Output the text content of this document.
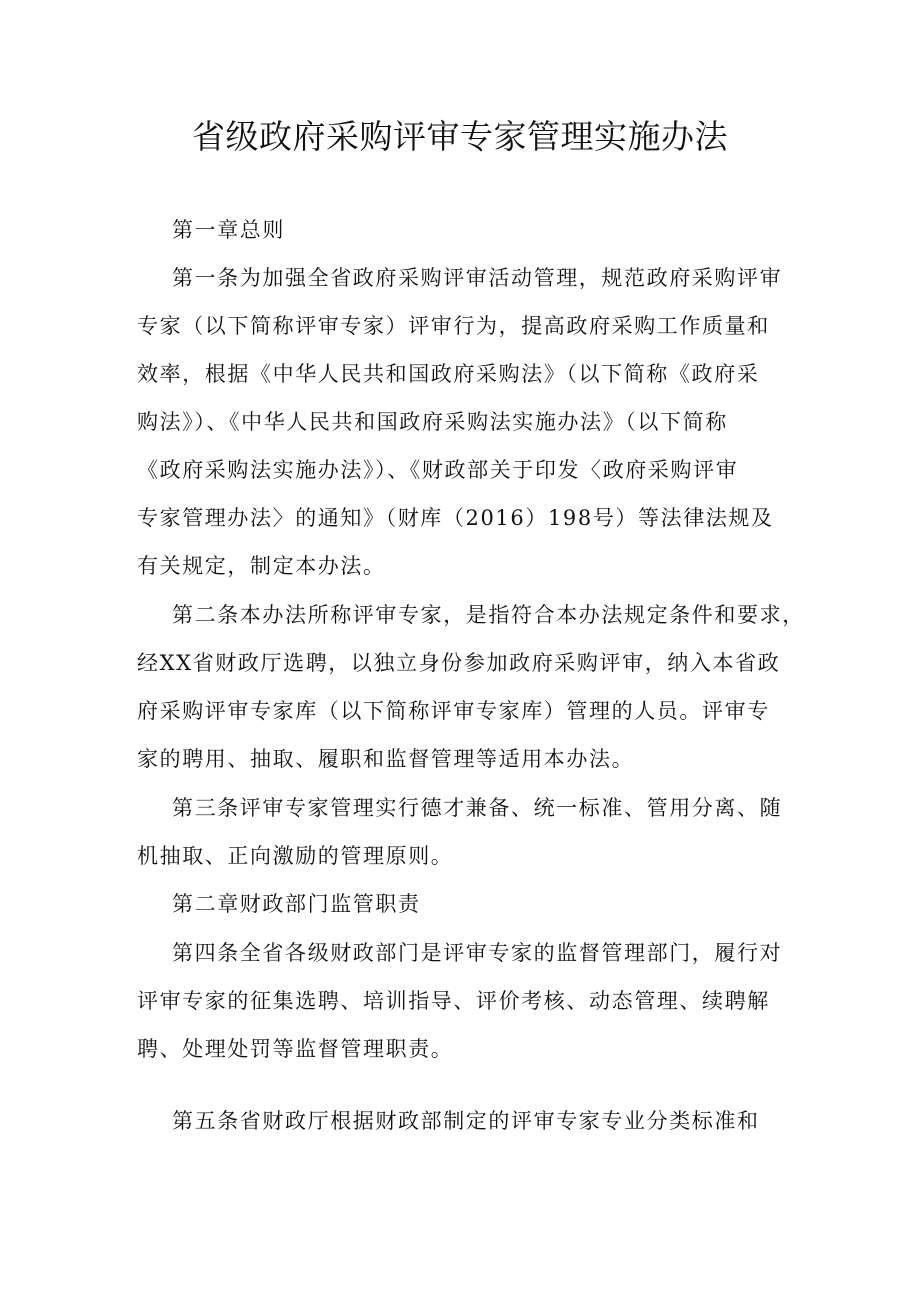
省级政府采购评审专家管理实施办法

第一章总则

第一条为加强全省政府采购评审活动管理，规范政府采购评审

专家（以下简称评审专家）评审行为，提高政府采购工作质量和

效率，根据《中华人民共和国政府采购法》（以下简称《政府采

购法》）、《中华人民共和国政府采购法实施办法》（以下简称

《政府采购法实施办法》）、《财政部关于印发〈政府采购评审

专家管理办法〉的通知》（财库（2016）198号）等法律法规及

有关规定，制定本办法。

第二条本办法所称评审专家，是指符合本办法规定条件和要求，

经XX省财政厅选聘，以独立身份参加政府采购评审，纳入本省政

府采购评审专家库（以下简称评审专家库）管理的人员。评审专

家的聘用、抽取、履职和监督管理等适用本办法。

第三条评审专家管理实行德才兼备、统一标准、管用分离、随

机抽取、正向激励的管理原则。

第二章财政部门监管职责

第四条全省各级财政部门是评审专家的监督管理部门，履行对

评审专家的征集选聘、培训指导、评价考核、动态管理、续聘解

聘、处理处罚等监督管理职责。

第五条省财政厅根据财政部制定的评审专家专业分类标准和
